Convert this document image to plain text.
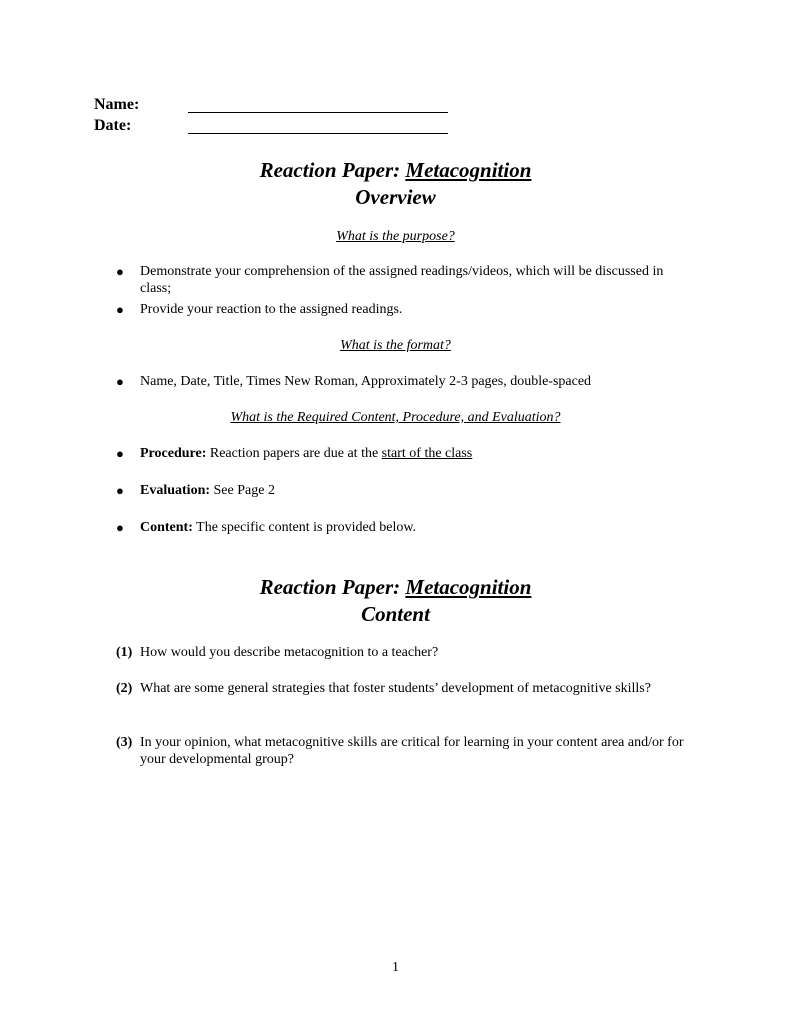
Name:
Date:
Reaction Paper: Metacognition
Overview
What is the purpose?
● Demonstrate your comprehension of the assigned readings/videos, which will be discussed in class;
● Provide your reaction to the assigned readings.
What is the format?
● Name, Date, Title, Times New Roman, Approximately 2-3 pages, double-spaced
What is the Required Content, Procedure, and Evaluation?
● Procedure: Reaction papers are due at the start of the class
● Evaluation: See Page 2
● Content: The specific content is provided below.
Reaction Paper: Metacognition
Content
(1) How would you describe metacognition to a teacher?
(2) What are some general strategies that foster students’ development of metacognitive skills?
(3) In your opinion, what metacognitive skills are critical for learning in your content area and/or for your developmental group?
1
